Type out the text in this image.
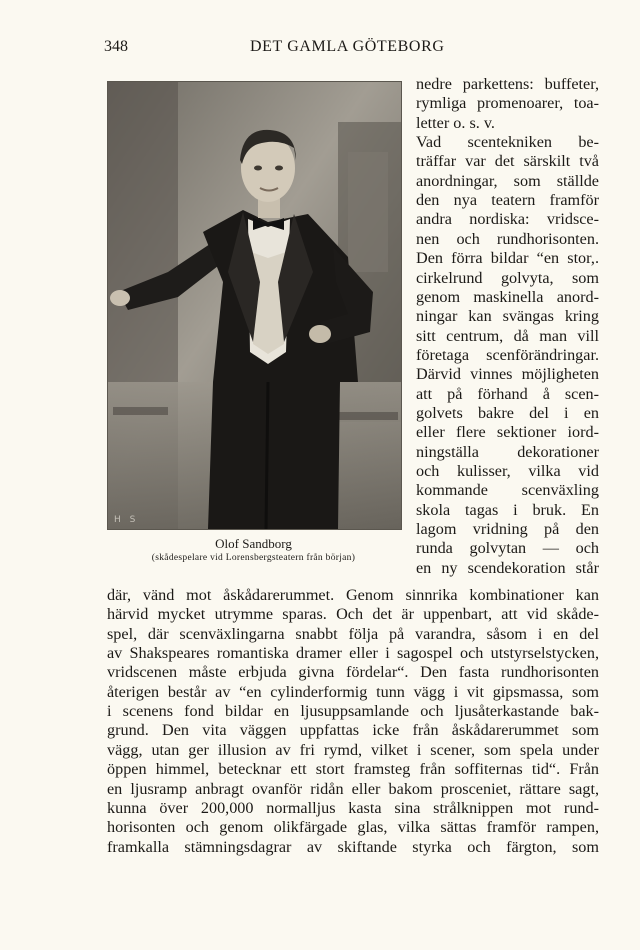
348	DET GAMLA GÖTEBORG
H S
Olof Sandborg
(skådespelare vid Lorensbergsteatern från början)
nedre parkettens: buffeter,
rymliga promenoarer, toa-
letter o. s. v.
Vad scentekniken be-
träffar var det särskilt två
anordningar, som ställde
den nya teatern framför
andra nordiska: vridsce-
nen och rundhorisonten.
Den förra bildar “en stor,.
cirkelrund golvyta, som
genom maskinella anord-
ningar kan svängas kring
sitt centrum, då man vill
företaga scenförändringar.
Därvid vinnes möjligheten
att på förhand å scen-
golvets bakre del i en
eller flere sektioner iord-
ningställa dekorationer
och kulisser, vilka vid
kommande scenväxling
skola tagas i bruk. En
lagom vridning på den
runda golvytan — och
en ny scendekoration står
där, vänd mot åskådarerummet. Genom sinnrika kombinationer kan
härvid mycket utrymme sparas. Och det är uppenbart, att vid skåde-
spel, där scenväxlingarna snabbt följa på varandra, såsom i en del
av Shakspeares romantiska dramer eller i sagospel och utstyrselstycken,
vridscenen måste erbjuda givna fördelar“. Den fasta rundhorisonten
återigen består av “en cylinderformig tunn vägg i vit gipsmassa, som
i scenens fond bildar en ljusuppsamlande och ljusåterkastande bak-
grund. Den vita väggen uppfattas icke från åskådarerummet som
vägg, utan ger illusion av fri rymd, vilket i scener, som spela under
öppen himmel, betecknar ett stort framsteg från soffiternas tid“. Från
en ljusramp anbragt ovanför ridån eller bakom prosceniet, rättare sagt,
kunna över 200,000 normalljus kasta sina strålknippen mot rund-
horisonten och genom olikfärgade glas, vilka sättas framför rampen,
framkalla stämningsdagrar av skiftande styrka och färgton, som
